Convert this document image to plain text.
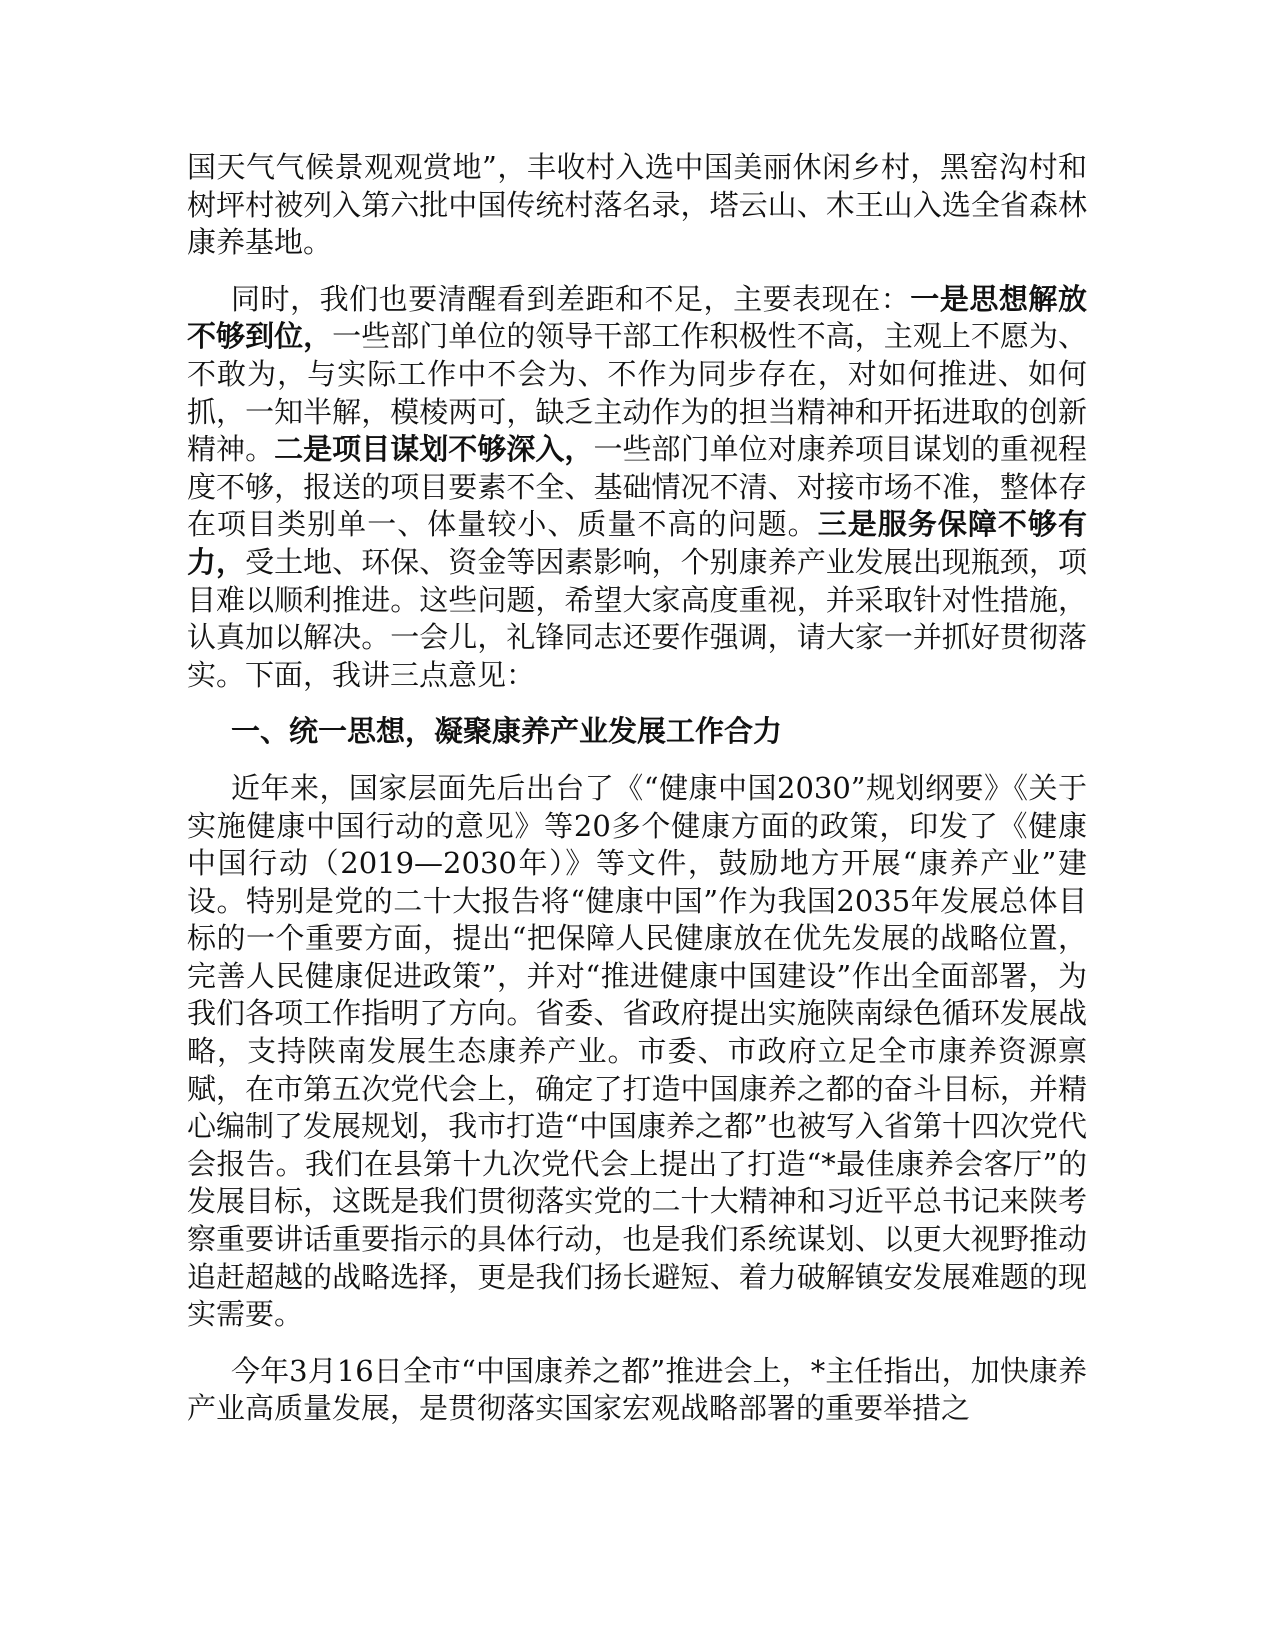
国天气气候景观观赏地”，丰收村入选中国美丽休闲乡村，黑窑沟村和树坪村被列入第六批中国传统村落名录，塔云山、木王山入选全省森林康养基地。

同时，我们也要清醒看到差距和不足，主要表现在：一是思想解放不够到位，一些部门单位的领导干部工作积极性不高，主观上不愿为、不敢为，与实际工作中不会为、不作为同步存在，对如何推进、如何抓，一知半解，模棱两可，缺乏主动作为的担当精神和开拓进取的创新精神。二是项目谋划不够深入，一些部门单位对康养项目谋划的重视程度不够，报送的项目要素不全、基础情况不清、对接市场不准，整体存在项目类别单一、体量较小、质量不高的问题。三是服务保障不够有力，受土地、环保、资金等因素影响，个别康养产业发展出现瓶颈，项目难以顺利推进。这些问题，希望大家高度重视，并采取针对性措施，认真加以解决。一会儿，礼锋同志还要作强调，请大家一并抓好贯彻落实。下面，我讲三点意见：

一、统一思想，凝聚康养产业发展工作合力

近年来，国家层面先后出台了《“健康中国2030”规划纲要》《关于实施健康中国行动的意见》等20多个健康方面的政策，印发了《健康中国行动（2019—2030年）》等文件，鼓励地方开展“康养产业”建设。特别是党的二十大报告将“健康中国”作为我国2035年发展总体目标的一个重要方面，提出“把保障人民健康放在优先发展的战略位置，完善人民健康促进政策”，并对“推进健康中国建设”作出全面部署，为我们各项工作指明了方向。省委、省政府提出实施陕南绿色循环发展战略，支持陕南发展生态康养产业。市委、市政府立足全市康养资源禀赋，在市第五次党代会上，确定了打造中国康养之都的奋斗目标，并精心编制了发展规划，我市打造“中国康养之都”也被写入省第十四次党代会报告。我们在县第十九次党代会上提出了打造“*最佳康养会客厅”的发展目标，这既是我们贯彻落实党的二十大精神和习近平总书记来陕考察重要讲话重要指示的具体行动，也是我们系统谋划、以更大视野推动追赶超越的战略选择，更是我们扬长避短、着力破解镇安发展难题的现实需要。

今年3月16日全市“中国康养之都”推进会上，*主任指出，加快康养产业高质量发展，是贯彻落实国家宏观战略部署的重要举措之
